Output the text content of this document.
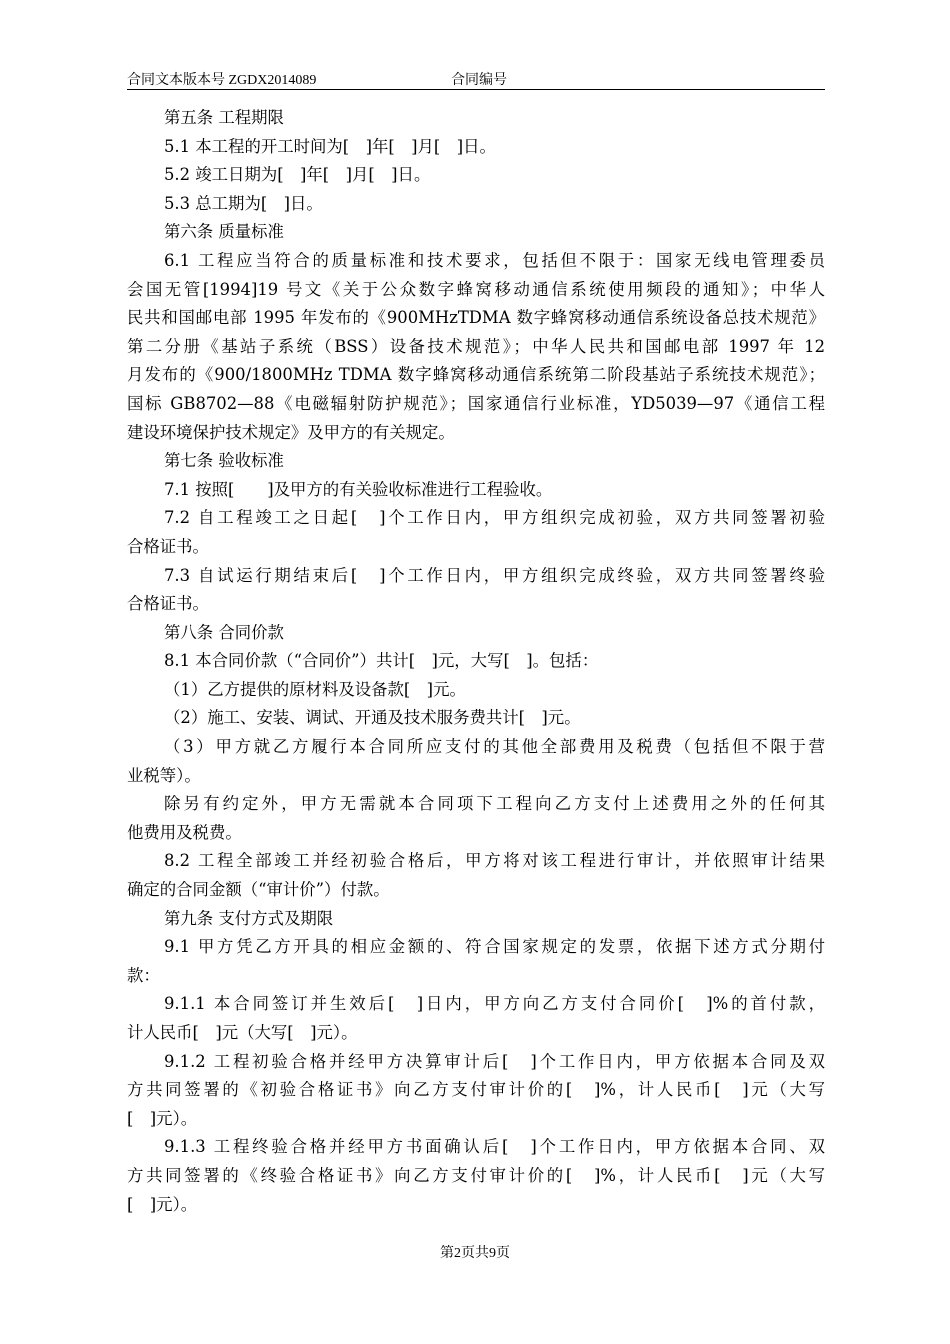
合同文本版本号 ZGDX2014089	合同编号

第五条 工程期限

5.1 本工程的开工时间为[　]年[　]月[　]日。

5.2 竣工日期为[　]年[　]月[　]日。

5.3 总工期为[　]日。

第六条 质量标准

6.1 工程应当符合的质量标准和技术要求，包括但不限于：国家无线电管理委员

会国无管[1994]19 号文《关于公众数字蜂窝移动通信系统使用频段的通知》；中华人

民共和国邮电部 1995 年发布的《900MHzTDMA 数字蜂窝移动通信系统设备总技术规范》

第二分册《基站子系统（BSS）设备技术规范》；中华人民共和国邮电部 1997 年 12

月发布的《900/1800MHz TDMA 数字蜂窝移动通信系统第二阶段基站子系统技术规范》；

国标 GB8702—88《电磁辐射防护规范》；国家通信行业标准，YD5039—97《通信工程

建设环境保护技术规定》及甲方的有关规定。

第七条 验收标准

7.1 按照[　　]及甲方的有关验收标准进行工程验收。

7.2 自工程竣工之日起[　]个工作日内，甲方组织完成初验，双方共同签署初验

合格证书。

7.3 自试运行期结束后[　]个工作日内，甲方组织完成终验，双方共同签署终验

合格证书。

第八条 合同价款

8.1 本合同价款（“合同价”）共计[　]元，大写[　]。包括：

（1）乙方提供的原材料及设备款[　]元。

（2）施工、安装、调试、开通及技术服务费共计[　]元。

（3）甲方就乙方履行本合同所应支付的其他全部费用及税费（包括但不限于营

业税等）。

除另有约定外，甲方无需就本合同项下工程向乙方支付上述费用之外的任何其

他费用及税费。

8.2 工程全部竣工并经初验合格后，甲方将对该工程进行审计，并依照审计结果

确定的合同金额（“审计价”）付款。

第九条 支付方式及期限

9.1 甲方凭乙方开具的相应金额的、符合国家规定的发票，依据下述方式分期付

款：

9.1.1 本合同签订并生效后[　]日内，甲方向乙方支付合同价[　]%的首付款，

计人民币[　]元（大写[　]元）。

9.1.2 工程初验合格并经甲方决算审计后[　]个工作日内，甲方依据本合同及双

方共同签署的《初验合格证书》向乙方支付审计价的[　]%，计人民币[　]元（大写

[　]元）。

9.1.3 工程终验合格并经甲方书面确认后[　]个工作日内，甲方依据本合同、双

方共同签署的《终验合格证书》向乙方支付审计价的[　]%，计人民币[　]元（大写

[　]元）。

第2页共9页
